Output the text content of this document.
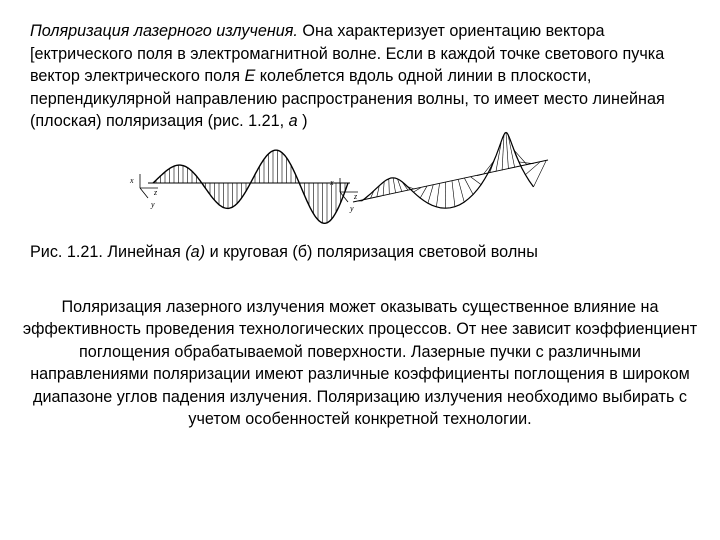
Поляризация лазерного излучения. Она характеризует ориентацию вектора [ектрического поля в электромагнитной волне. Если в каждой точке светового пучка вектор электрического поля E колеблется вдоль одной линии в плоскости, перпендикулярной направлению распространения волны, то имеет место линейная (плоская) поляризация (рис. 1.21, а )

x
z
y
x
z
y

Рис. 1.21. Линейная (а) и круговая (б) поляризация световой волны

Поляризация лазерного излучения может оказывать существенное влияние на эффективность проведения технологических процессов. От нее зависит коэффиенциент поглощения обрабатываемой поверхности. Лазерные пучки с различными направлениями поляризации имеют различные коэффициенты поглощения в широком диапазоне углов падения излучения. Поляризацию излучения необходимо выбирать с учетом особенностей конкретной технологии.
